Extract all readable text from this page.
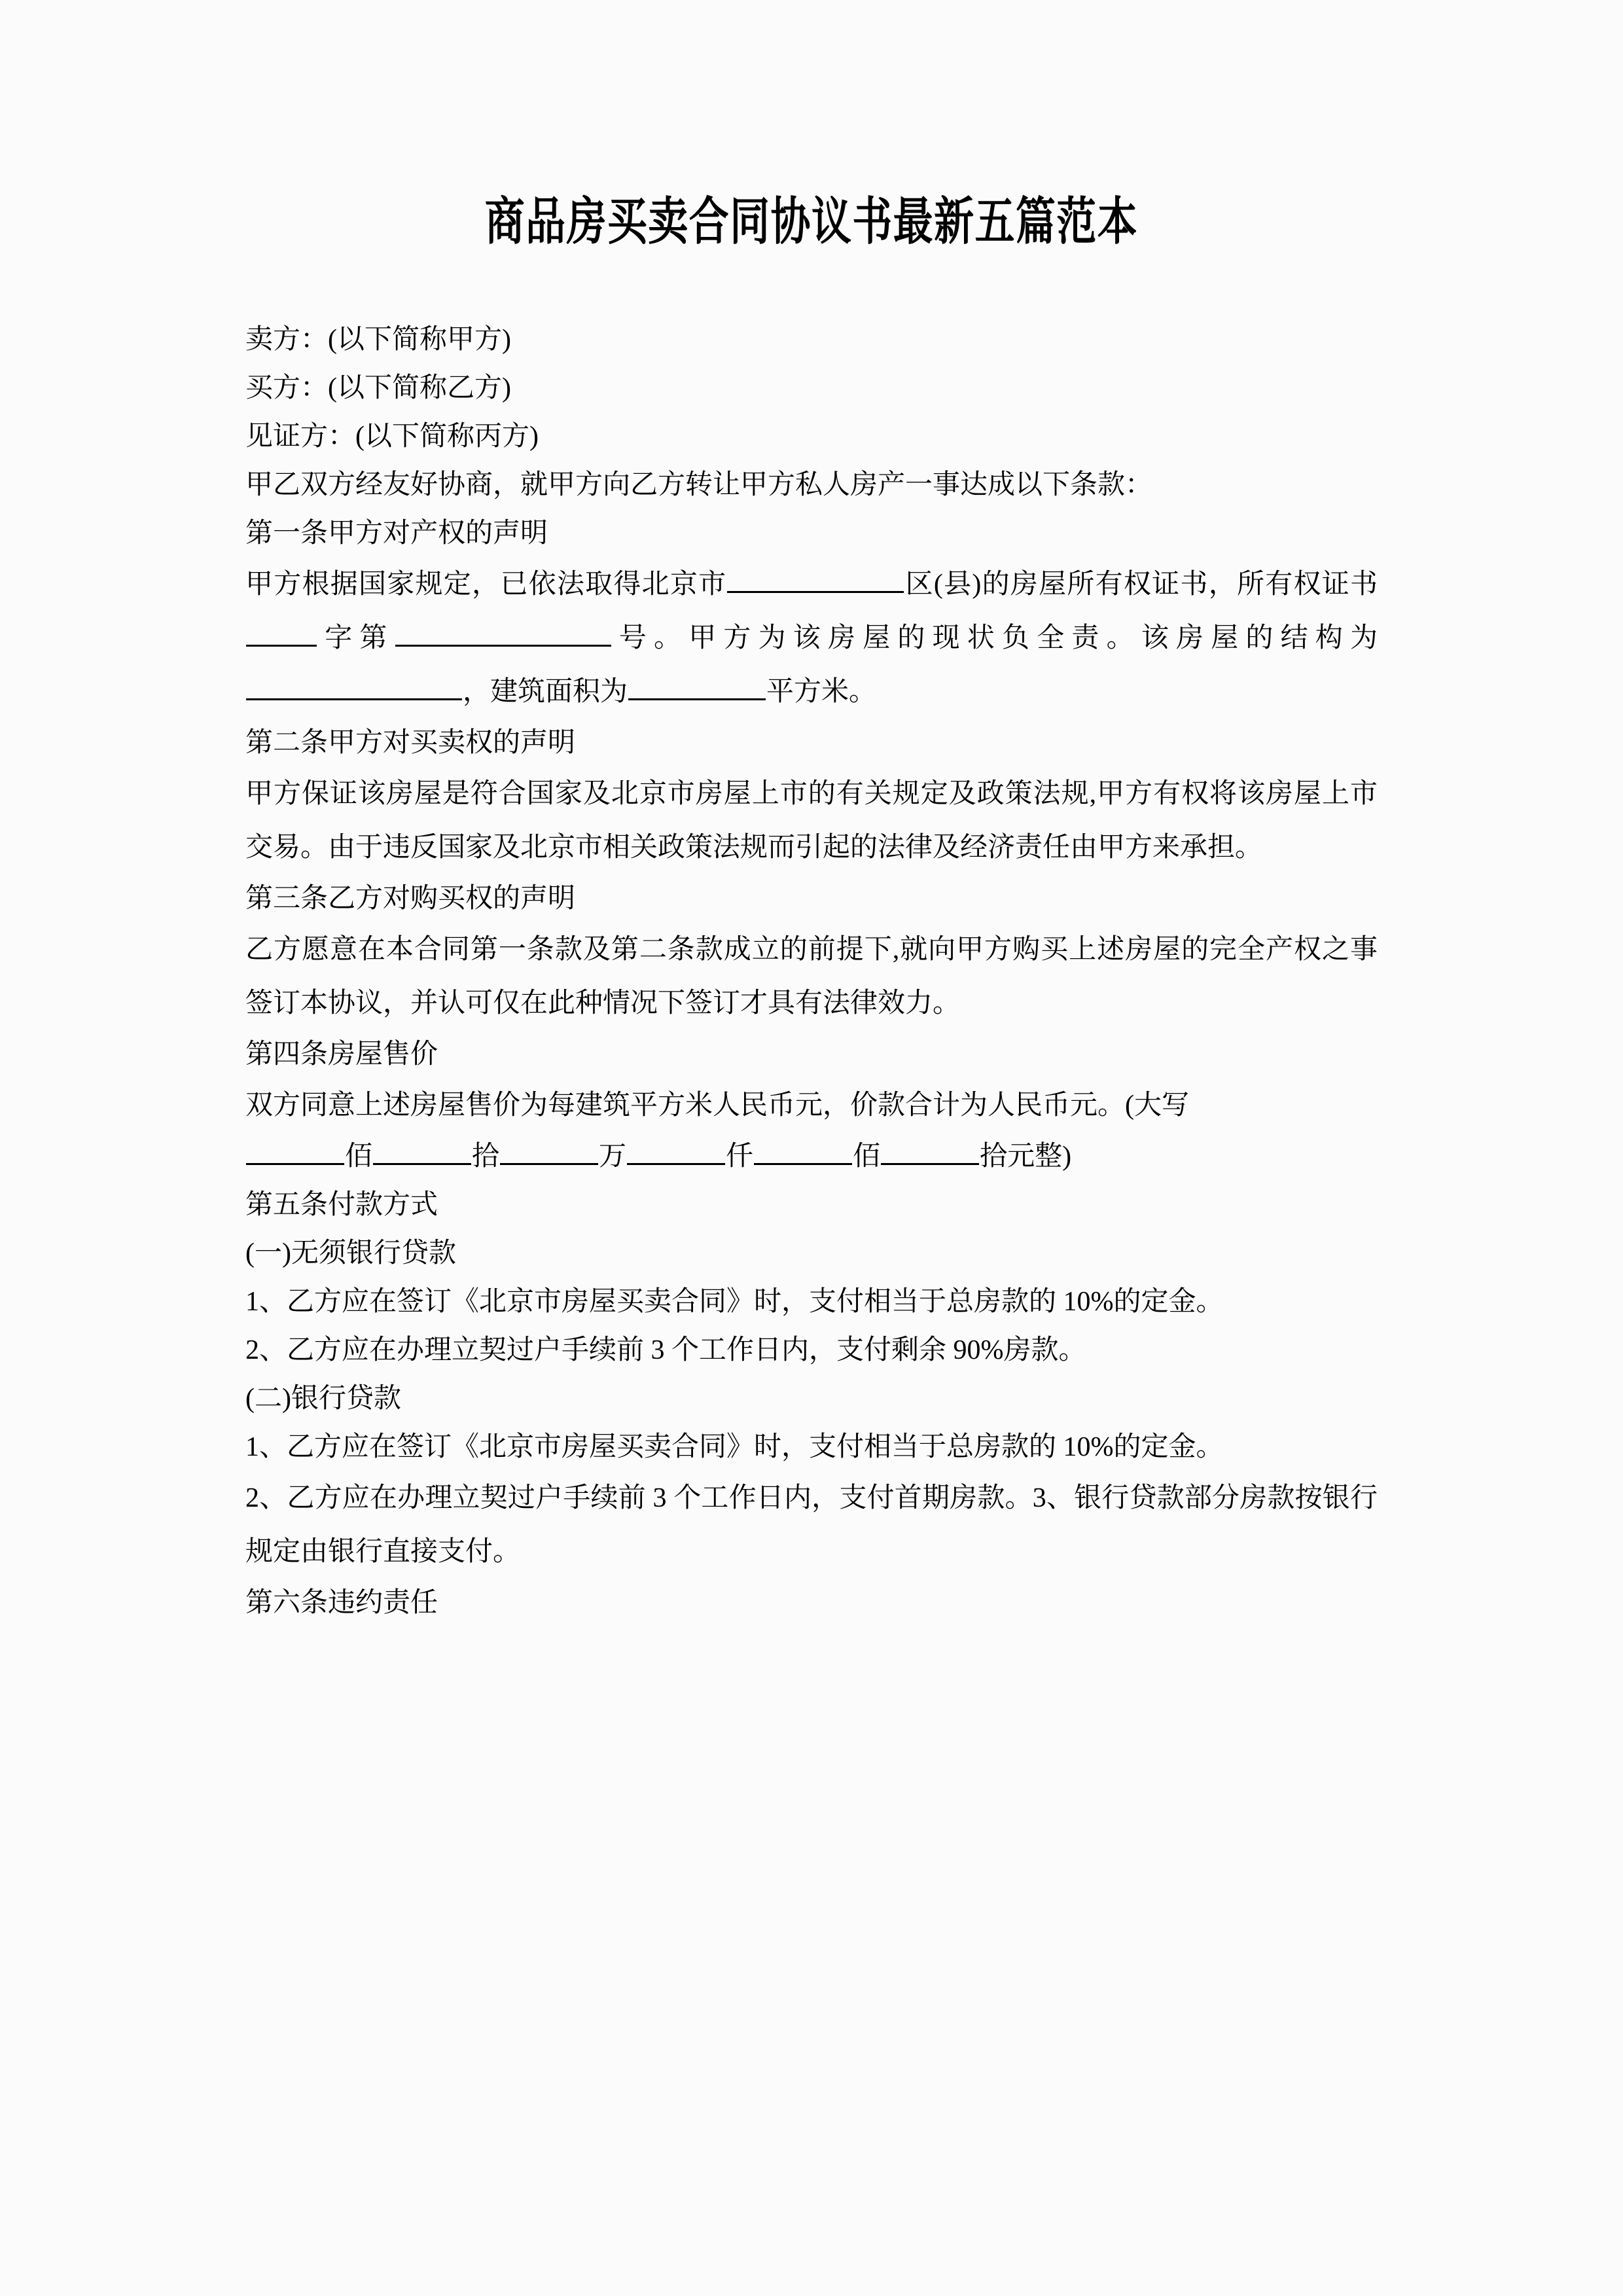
商品房买卖合同协议书最新五篇范本

卖方：(以下简称甲方)

买方：(以下简称乙方)

见证方：(以下简称丙方)

甲乙双方经友好协商，就甲方向乙方转让甲方私人房产一事达成以下条款：

第一条甲方对产权的声明

甲方根据国家规定，已依法取得北京市	区(县)的房屋所有权证书，所有权证书字第	号。甲方为该房屋的现状负全责。该房屋的结构为，建筑面积为	平方米。

第二条甲方对买卖权的声明

甲方保证该房屋是符合国家及北京市房屋上市的有关规定及政策法规,甲方有权将该房屋上市交易。由于违反国家及北京市相关政策法规而引起的法律及经济责任由甲方来承担。

第三条乙方对购买权的声明

乙方愿意在本合同第一条款及第二条款成立的前提下,就向甲方购买上述房屋的完全产权之事签订本协议，并认可仅在此种情况下签订才具有法律效力。

第四条房屋售价

双方同意上述房屋售价为每建筑平方米人民币元，价款合计为人民币元。(大写

佰	拾	万	仟	佰	拾元整)

第五条付款方式

(一)无须银行贷款

1、乙方应在签订《北京市房屋买卖合同》时，支付相当于总房款的 10%的定金。

2、乙方应在办理立契过户手续前 3 个工作日内，支付剩余 90%房款。

(二)银行贷款

1、乙方应在签订《北京市房屋买卖合同》时，支付相当于总房款的 10%的定金。

2、乙方应在办理立契过户手续前 3 个工作日内，支付首期房款。3、银行贷款部分房款按银行规定由银行直接支付。

第六条违约责任
